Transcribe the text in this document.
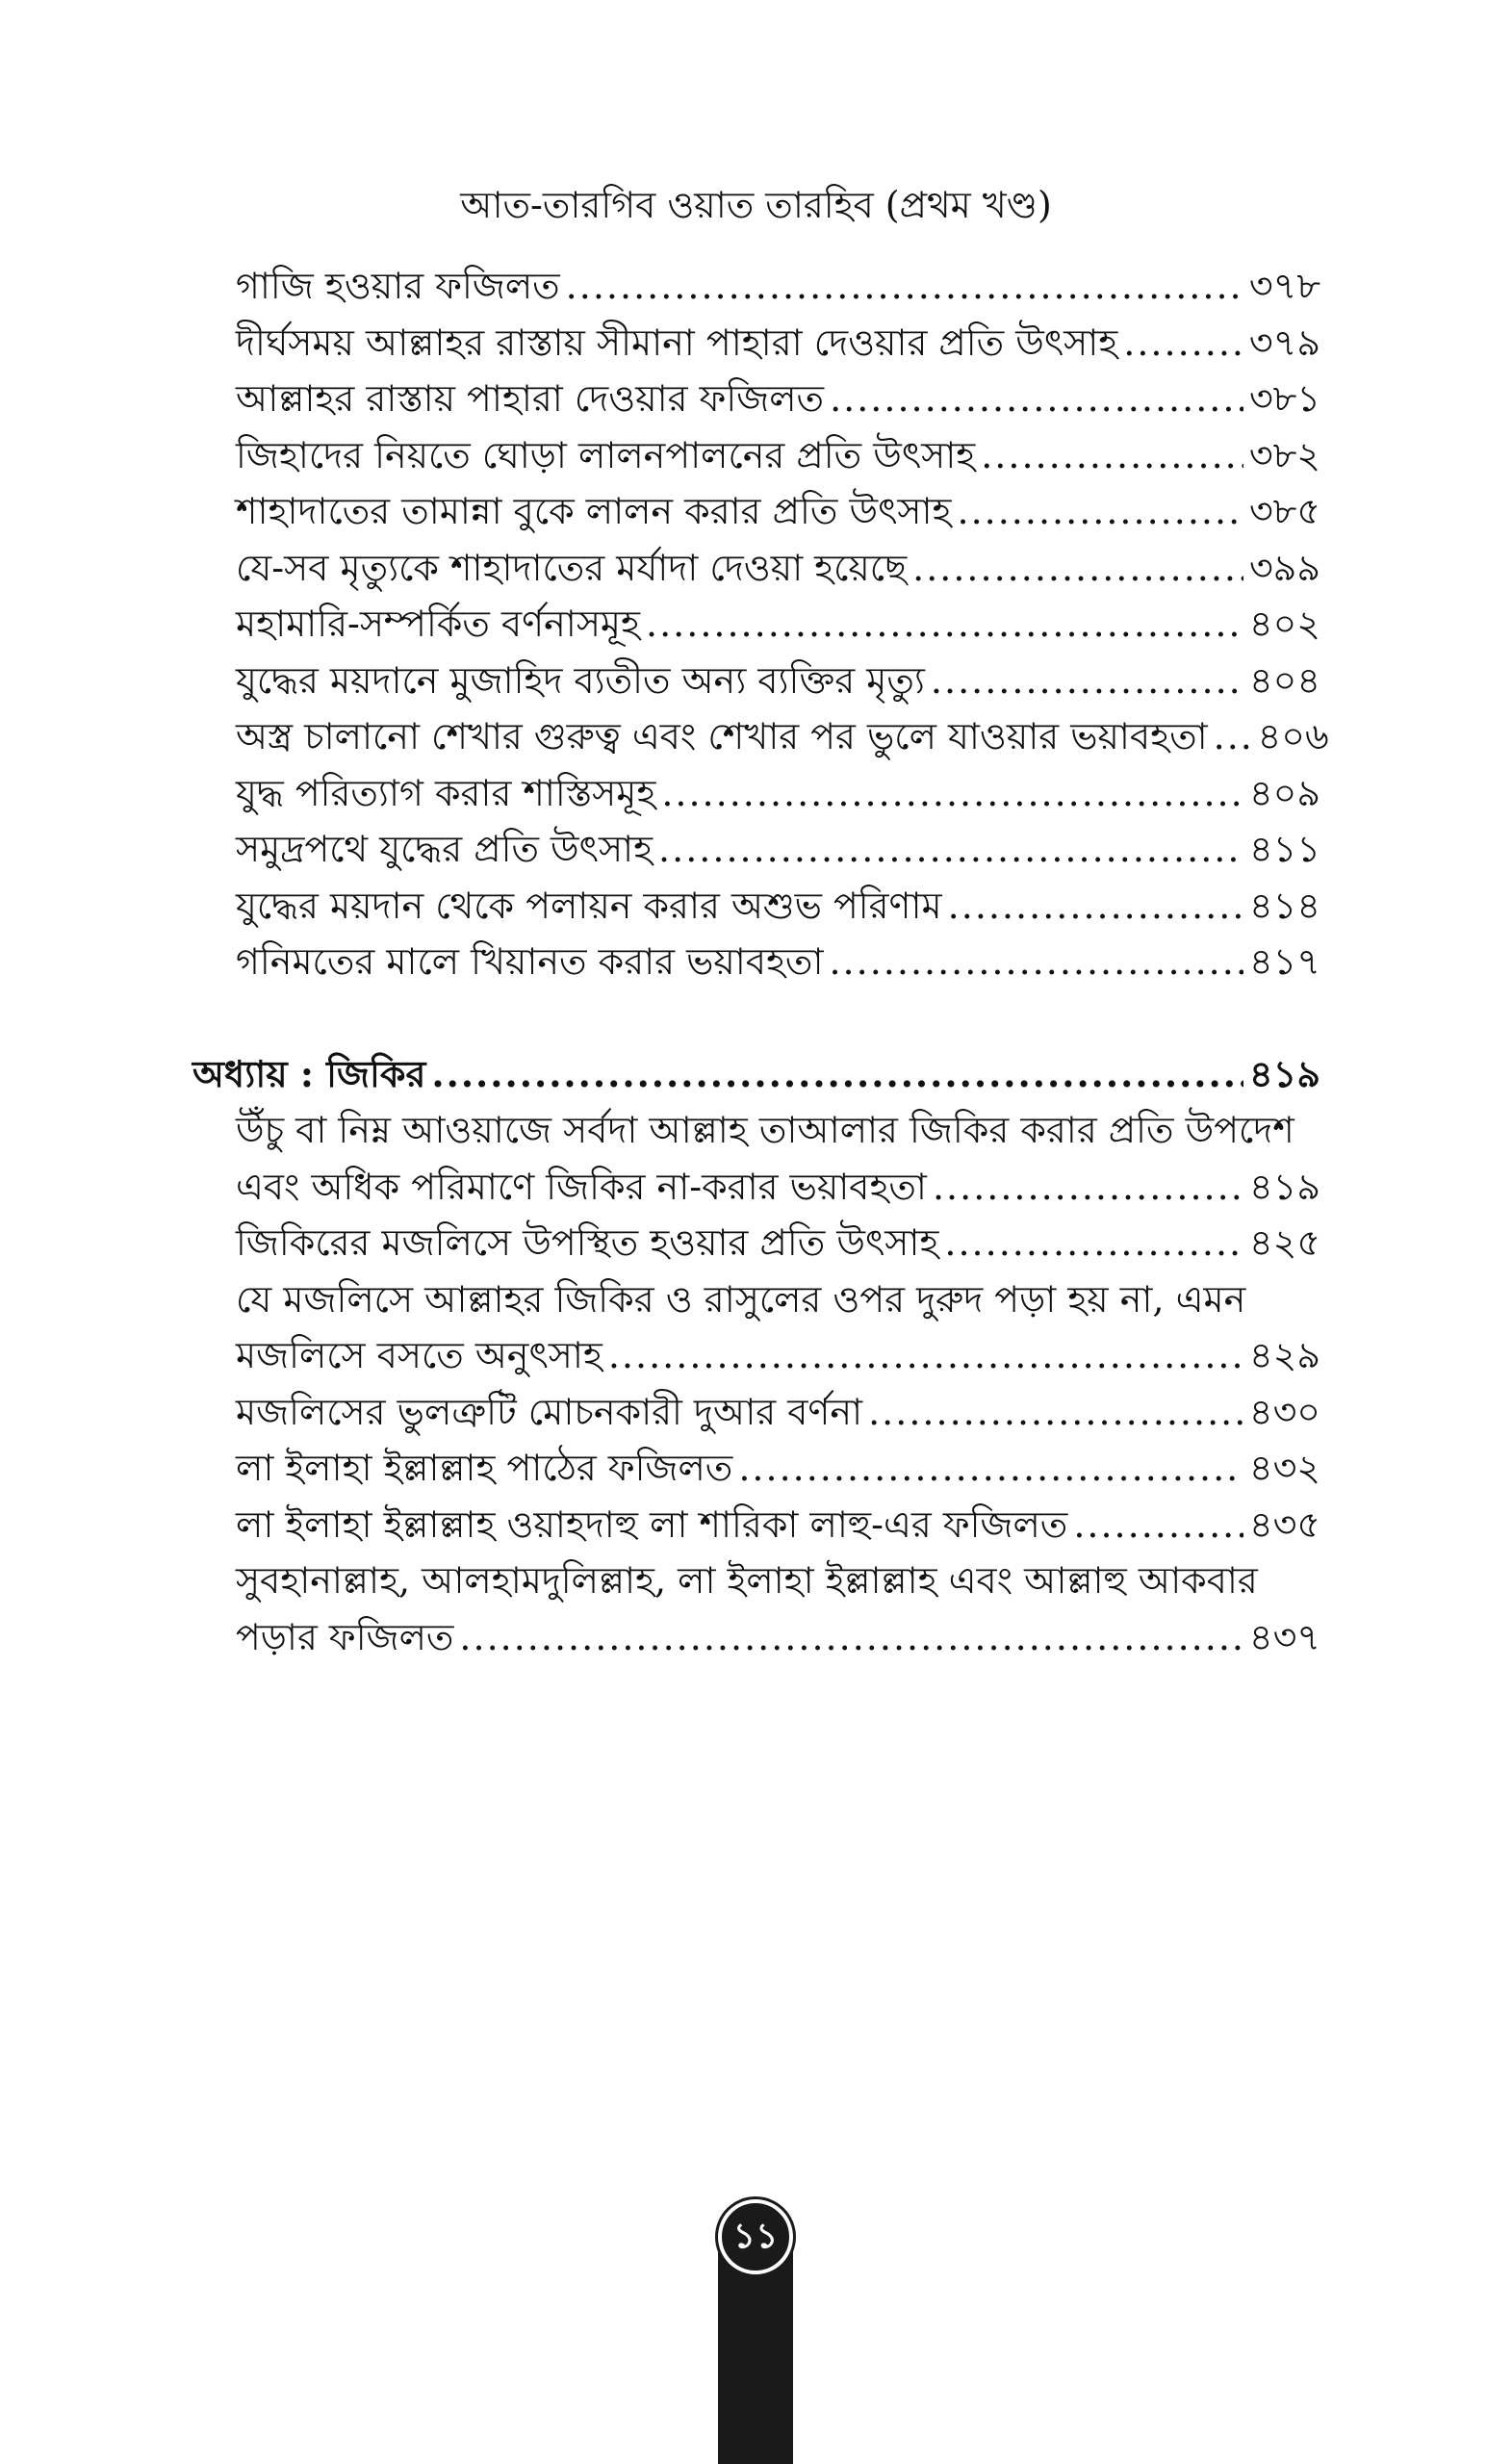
আত-তারগিব ওয়াত তারহিব (প্রথম খণ্ড)
গাজি হওয়ার ফজিলত .....	৩৭৮
দীর্ঘসময় আল্লাহর রাস্তায় সীমানা পাহারা দেওয়ার প্রতি উৎসাহ .....	৩৭৯
আল্লাহর রাস্তায় পাহারা দেওয়ার ফজিলত .....	৩৮১
জিহাদের নিয়তে ঘোড়া লালনপালনের প্রতি উৎসাহ .....	৩৮২
শাহাদাতের তামান্না বুকে লালন করার প্রতি উৎসাহ .....	৩৮৫
যে-সব মৃত্যুকে শাহাদাতের মর্যাদা দেওয়া হয়েছে .....	৩৯৯
মহামারি-সম্পর্কিত বর্ণনাসমূহ .....	৪০২
যুদ্ধের ময়দানে মুজাহিদ ব্যতীত অন্য ব্যক্তির মৃত্যু .....	৪০৪
অস্ত্র চালানো শেখার গুরুত্ব এবং শেখার পর ভুলে যাওয়ার ভয়াবহতা ..... ৪০৬
যুদ্ধ পরিত্যাগ করার শাস্তিসমূহ .....	৪০৯
সমুদ্রপথে যুদ্ধের প্রতি উৎসাহ .....	৪১১
যুদ্ধের ময়দান থেকে পলায়ন করার অশুভ পরিণাম .....	৪১৪
গনিমতের মালে খিয়ানত করার ভয়াবহতা .....	৪১৭
অধ্যায় : জিকির .....	৪১৯
উঁচু বা নিম্ন আওয়াজে সর্বদা আল্লাহ তাআলার জিকির করার প্রতি উপদেশ
এবং অধিক পরিমাণে জিকির না-করার ভয়াবহতা .....	৪১৯
জিকিরের মজলিসে উপস্থিত হওয়ার প্রতি উৎসাহ .....	৪২৫
যে মজলিসে আল্লাহর জিকির ও রাসুলের ওপর দুরুদ পড়া হয় না, এমন
মজলিসে বসতে অনুৎসাহ .....	৪২৯
মজলিসের ভুলত্রুটি মোচনকারী দুআর বর্ণনা .....	৪৩০
লা ইলাহা ইল্লাল্লাহ পাঠের ফজিলত .....	৪৩২
লা ইলাহা ইল্লাল্লাহ ওয়াহদাহু লা শারিকা লাহু-এর ফজিলত .....	৪৩৫
সুবহানাল্লাহ, আলহামদুলিল্লাহ, লা ইলাহা ইল্লাল্লাহ এবং আল্লাহু আকবার
পড়ার ফজিলত .....	৪৩৭
১১
